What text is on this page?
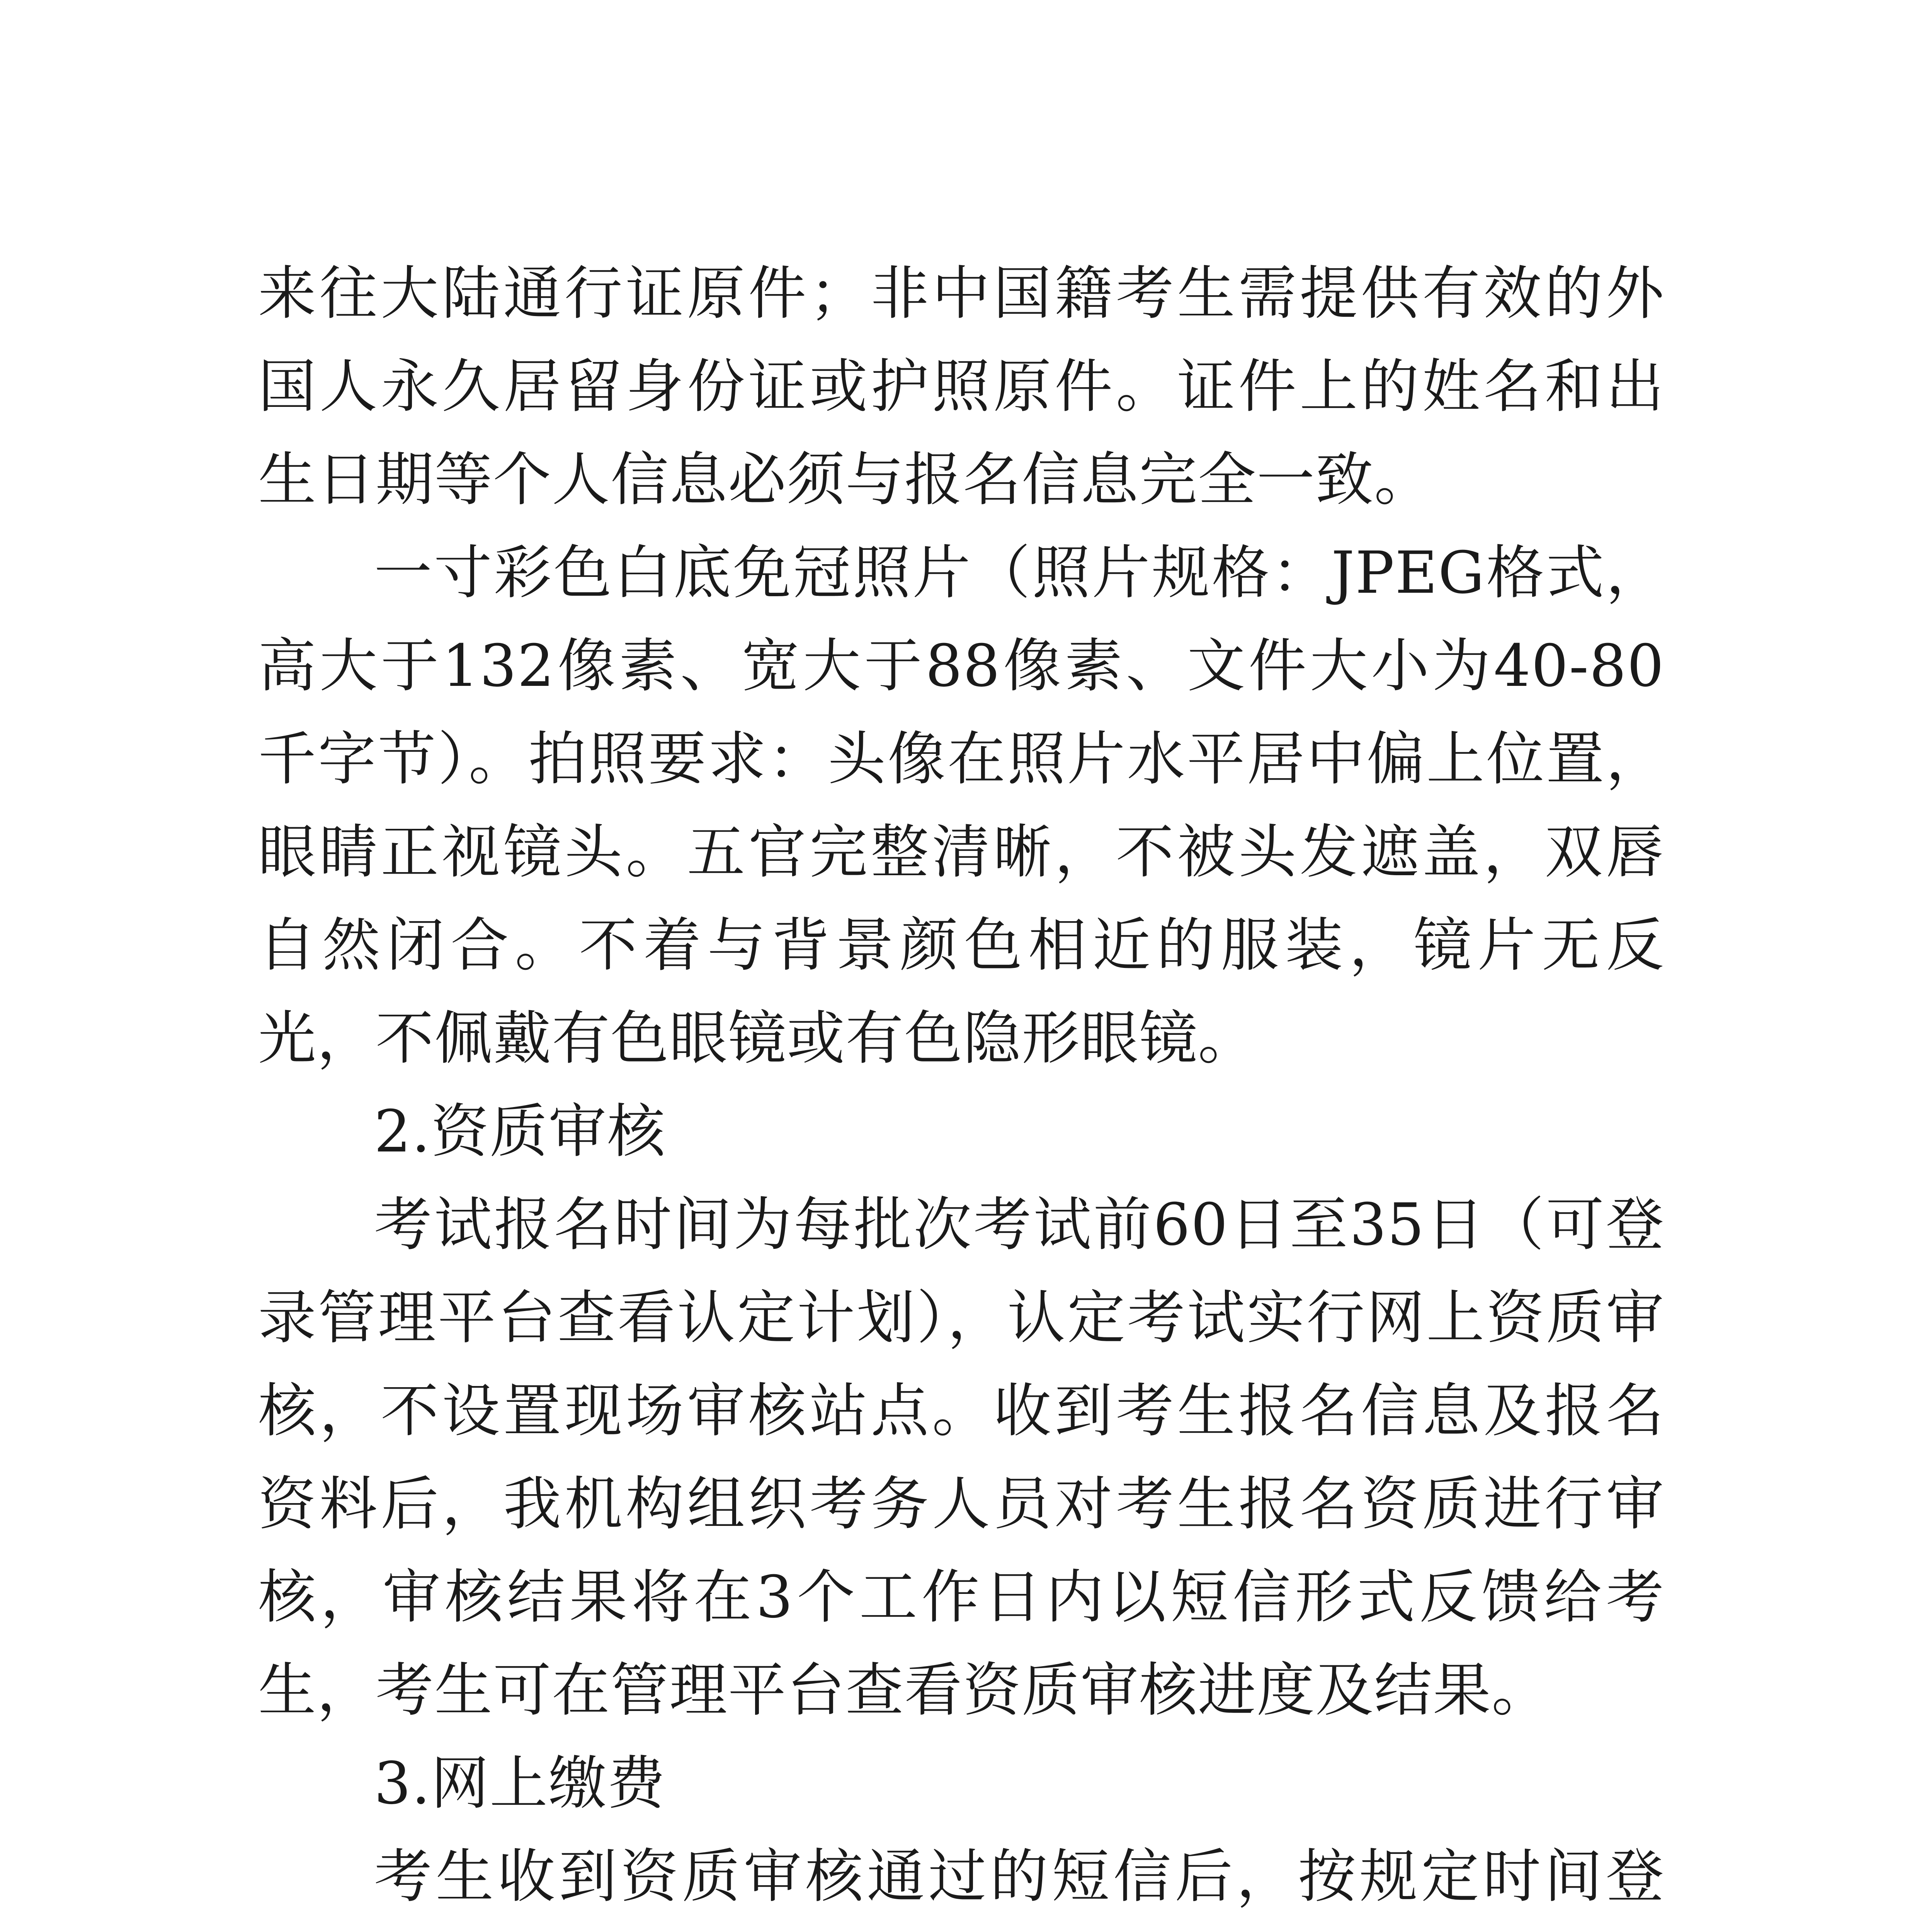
来往大陆通行证原件；非中国籍考生需提供有效的外国人永久居留身份证或护照原件。证件上的姓名和出生日期等个人信息必须与报名信息完全一致。

一寸彩色白底免冠照片（照片规格：JPEG格式，高大于132像素、宽大于88像素、文件大小为40-80千字节）。拍照要求：头像在照片水平居中偏上位置，眼睛正视镜头。五官完整清晰，不被头发遮盖，双唇自然闭合。不着与背景颜色相近的服装，镜片无反光，不佩戴有色眼镜或有色隐形眼镜。

2.资质审核

考试报名时间为每批次考试前60日至35日（可登录管理平台查看认定计划），认定考试实行网上资质审核，不设置现场审核站点。收到考生报名信息及报名资料后，我机构组织考务人员对考生报名资质进行审核，审核结果将在3个工作日内以短信形式反馈给考生，考生可在管理平台查看资质审核进度及结果。

3.网上缴费

考生收到资质审核通过的短信后，按规定时间登
